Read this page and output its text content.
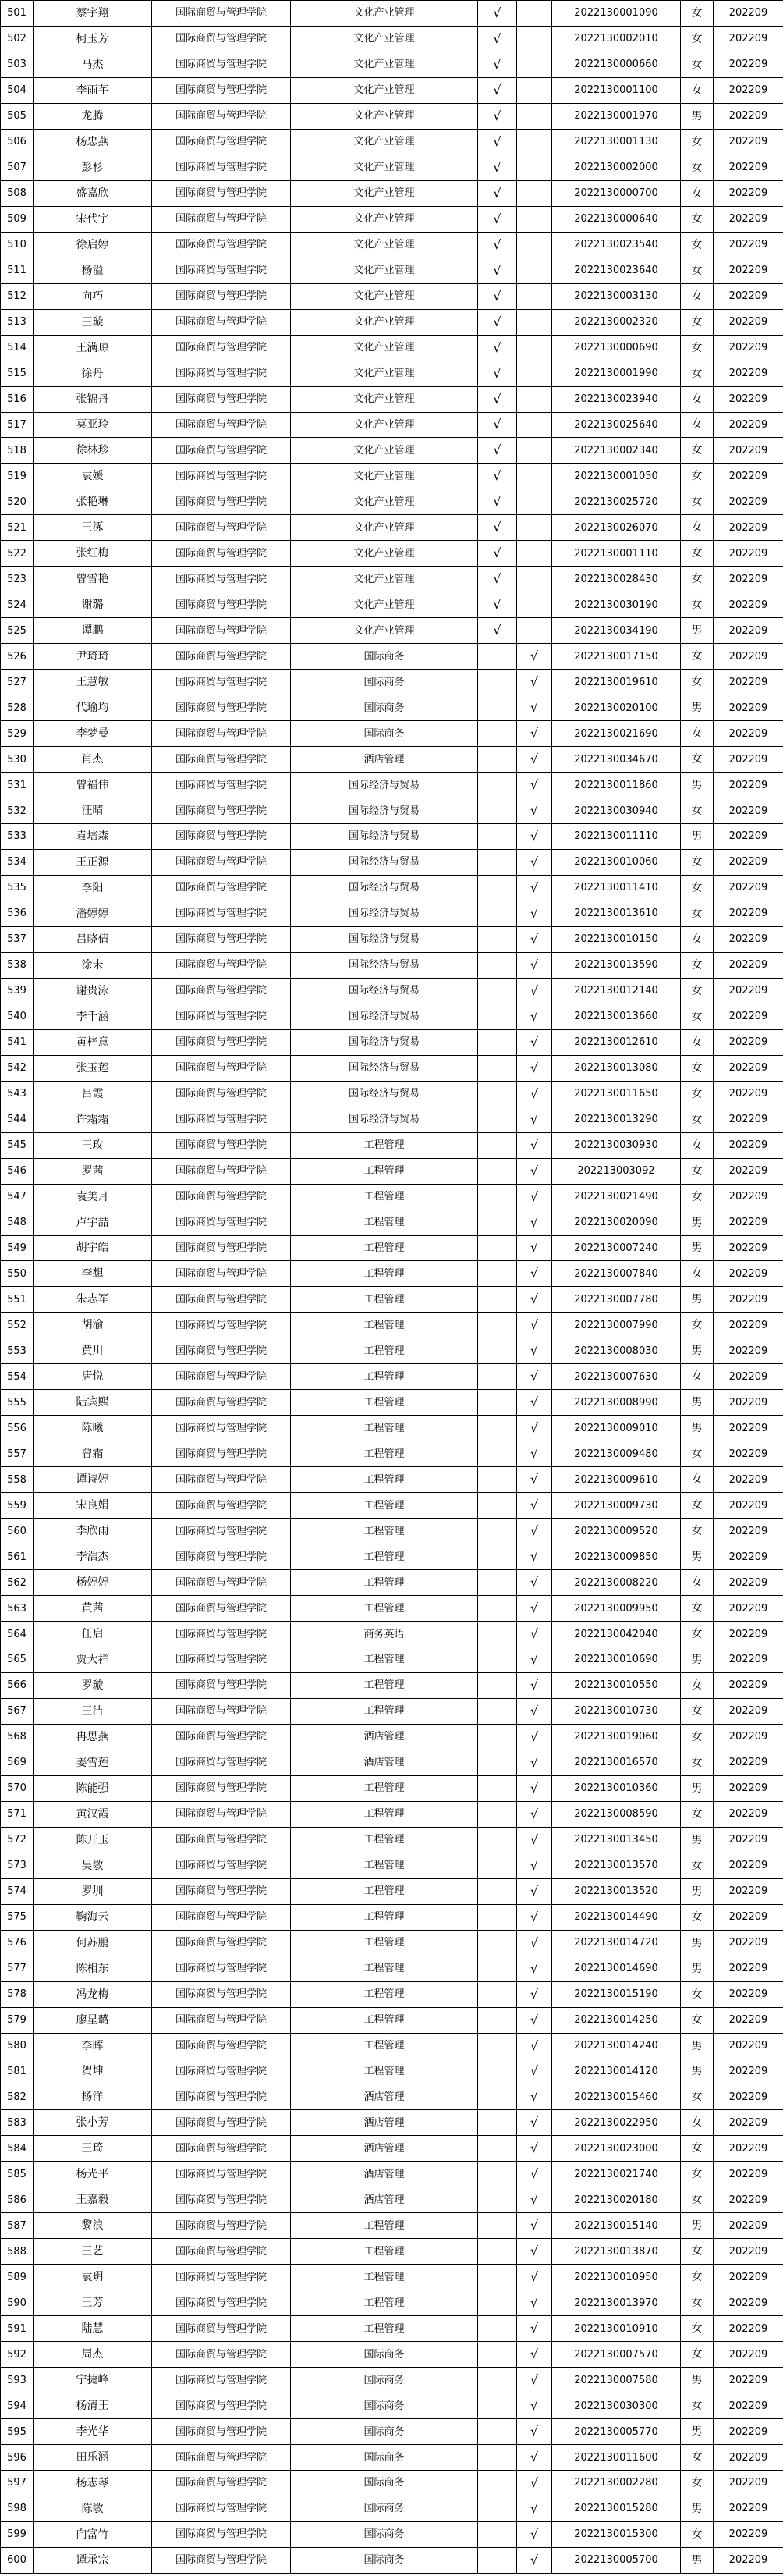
501	蔡宇翔	国际商贸与管理学院	文化产业管理	√		2022130001090	女	202209
502	柯玉芳	国际商贸与管理学院	文化产业管理	√		2022130002010	女	202209
503	马杰	国际商贸与管理学院	文化产业管理	√		2022130000660	女	202209
504	李雨芊	国际商贸与管理学院	文化产业管理	√		2022130001100	女	202209
505	龙腾	国际商贸与管理学院	文化产业管理	√		2022130001970	男	202209
506	杨忠燕	国际商贸与管理学院	文化产业管理	√		2022130001130	女	202209
507	彭杉	国际商贸与管理学院	文化产业管理	√		2022130002000	女	202209
508	盛嘉欣	国际商贸与管理学院	文化产业管理	√		2022130000700	女	202209
509	宋代宇	国际商贸与管理学院	文化产业管理	√		2022130000640	女	202209
510	徐启婷	国际商贸与管理学院	文化产业管理	√		2022130023540	女	202209
511	杨溢	国际商贸与管理学院	文化产业管理	√		2022130023640	女	202209
512	向巧	国际商贸与管理学院	文化产业管理	√		2022130003130	女	202209
513	王璇	国际商贸与管理学院	文化产业管理	√		2022130002320	女	202209
514	王满琼	国际商贸与管理学院	文化产业管理	√		2022130000690	女	202209
515	徐丹	国际商贸与管理学院	文化产业管理	√		2022130001990	女	202209
516	张锦丹	国际商贸与管理学院	文化产业管理	√		2022130023940	女	202209
517	莫亚玲	国际商贸与管理学院	文化产业管理	√		2022130025640	女	202209
518	徐林珍	国际商贸与管理学院	文化产业管理	√		2022130002340	女	202209
519	袁媛	国际商贸与管理学院	文化产业管理	√		2022130001050	女	202209
520	张艳琳	国际商贸与管理学院	文化产业管理	√		2022130025720	女	202209
521	王涿	国际商贸与管理学院	文化产业管理	√		2022130026070	女	202209
522	张红梅	国际商贸与管理学院	文化产业管理	√		2022130001110	女	202209
523	曾雪艳	国际商贸与管理学院	文化产业管理	√		2022130028430	女	202209
524	谢璐	国际商贸与管理学院	文化产业管理	√		2022130030190	女	202209
525	谭鹏	国际商贸与管理学院	文化产业管理	√		2022130034190	男	202209
526	尹琦琦	国际商贸与管理学院	国际商务		√	2022130017150	女	202209
527	王慧敏	国际商贸与管理学院	国际商务		√	2022130019610	女	202209
528	代瑜均	国际商贸与管理学院	国际商务		√	2022130020100	男	202209
529	李梦曼	国际商贸与管理学院	国际商务		√	2022130021690	女	202209
530	肖杰	国际商贸与管理学院	酒店管理		√	2022130034670	女	202209
531	曾福伟	国际商贸与管理学院	国际经济与贸易		√	2022130011860	男	202209
532	汪晴	国际商贸与管理学院	国际经济与贸易		√	2022130030940	女	202209
533	袁培森	国际商贸与管理学院	国际经济与贸易		√	2022130011110	男	202209
534	王正源	国际商贸与管理学院	国际经济与贸易		√	2022130010060	女	202209
535	李阳	国际商贸与管理学院	国际经济与贸易		√	2022130011410	女	202209
536	潘婷婷	国际商贸与管理学院	国际经济与贸易		√	2022130013610	女	202209
537	吕晓倩	国际商贸与管理学院	国际经济与贸易		√	2022130010150	女	202209
538	涂未	国际商贸与管理学院	国际经济与贸易		√	2022130013590	女	202209
539	谢贵泳	国际商贸与管理学院	国际经济与贸易		√	2022130012140	女	202209
540	李千涵	国际商贸与管理学院	国际经济与贸易		√	2022130013660	女	202209
541	黄梓意	国际商贸与管理学院	国际经济与贸易		√	2022130012610	女	202209
542	张玉莲	国际商贸与管理学院	国际经济与贸易		√	2022130013080	女	202209
543	吕霞	国际商贸与管理学院	国际经济与贸易		√	2022130011650	女	202209
544	许霜霜	国际商贸与管理学院	国际经济与贸易		√	2022130013290	女	202209
545	王玫	国际商贸与管理学院	工程管理		√	2022130030930	女	202209
546	罗茜	国际商贸与管理学院	工程管理		√	202213003092	女	202209
547	袁美月	国际商贸与管理学院	工程管理		√	2022130021490	女	202209
548	卢宇喆	国际商贸与管理学院	工程管理		√	2022130020090	男	202209
549	胡宇皓	国际商贸与管理学院	工程管理		√	2022130007240	男	202209
550	李想	国际商贸与管理学院	工程管理		√	2022130007840	女	202209
551	朱志军	国际商贸与管理学院	工程管理		√	2022130007780	男	202209
552	胡渝	国际商贸与管理学院	工程管理		√	2022130007990	女	202209
553	黄川	国际商贸与管理学院	工程管理		√	2022130008030	男	202209
554	唐悦	国际商贸与管理学院	工程管理		√	2022130007630	女	202209
555	陆宾熙	国际商贸与管理学院	工程管理		√	2022130008990	男	202209
556	陈曦	国际商贸与管理学院	工程管理		√	2022130009010	男	202209
557	曾霜	国际商贸与管理学院	工程管理		√	2022130009480	女	202209
558	谭诗婷	国际商贸与管理学院	工程管理		√	2022130009610	女	202209
559	宋良娟	国际商贸与管理学院	工程管理		√	2022130009730	女	202209
560	李欣雨	国际商贸与管理学院	工程管理		√	2022130009520	女	202209
561	李浩杰	国际商贸与管理学院	工程管理		√	2022130009850	男	202209
562	杨婷婷	国际商贸与管理学院	工程管理		√	2022130008220	女	202209
563	黄茜	国际商贸与管理学院	工程管理		√	2022130009950	女	202209
564	任启	国际商贸与管理学院	商务英语		√	2022130042040	女	202209
565	贾大祥	国际商贸与管理学院	工程管理		√	2022130010690	男	202209
566	罗璇	国际商贸与管理学院	工程管理		√	2022130010550	女	202209
567	王洁	国际商贸与管理学院	工程管理		√	2022130010730	女	202209
568	冉思燕	国际商贸与管理学院	酒店管理		√	2022130019060	女	202209
569	姜雪莲	国际商贸与管理学院	酒店管理		√	2022130016570	女	202209
570	陈能强	国际商贸与管理学院	工程管理		√	2022130010360	男	202209
571	黄汉霞	国际商贸与管理学院	工程管理		√	2022130008590	女	202209
572	陈开玉	国际商贸与管理学院	工程管理		√	2022130013450	男	202209
573	吴敏	国际商贸与管理学院	工程管理		√	2022130013570	女	202209
574	罗圳	国际商贸与管理学院	工程管理		√	2022130013520	男	202209
575	鞠海云	国际商贸与管理学院	工程管理		√	2022130014490	女	202209
576	何苏鹏	国际商贸与管理学院	工程管理		√	2022130014720	男	202209
577	陈相东	国际商贸与管理学院	工程管理		√	2022130014690	男	202209
578	冯龙梅	国际商贸与管理学院	工程管理		√	2022130015190	女	202209
579	廖星璐	国际商贸与管理学院	工程管理		√	2022130014250	女	202209
580	李晖	国际商贸与管理学院	工程管理		√	2022130014240	男	202209
581	贺坤	国际商贸与管理学院	工程管理		√	2022130014120	男	202209
582	杨洋	国际商贸与管理学院	酒店管理		√	2022130015460	女	202209
583	张小芳	国际商贸与管理学院	酒店管理		√	2022130022950	女	202209
584	王琦	国际商贸与管理学院	酒店管理		√	2022130023000	女	202209
585	杨光平	国际商贸与管理学院	酒店管理		√	2022130021740	女	202209
586	王嘉毅	国际商贸与管理学院	酒店管理		√	2022130020180	女	202209
587	黎浪	国际商贸与管理学院	工程管理		√	2022130015140	男	202209
588	王艺	国际商贸与管理学院	工程管理		√	2022130013870	女	202209
589	袁玥	国际商贸与管理学院	工程管理		√	2022130010950	女	202209
590	王芳	国际商贸与管理学院	工程管理		√	2022130013970	女	202209
591	陆慧	国际商贸与管理学院	工程管理		√	2022130010910	女	202209
592	周杰	国际商贸与管理学院	国际商务		√	2022130007570	女	202209
593	宁捷峰	国际商贸与管理学院	国际商务		√	2022130007580	男	202209
594	杨清王	国际商贸与管理学院	国际商务		√	2022130030300	女	202209
595	李光华	国际商贸与管理学院	国际商务		√	2022130005770	男	202209
596	田乐涵	国际商贸与管理学院	国际商务		√	2022130011600	女	202209
597	杨志琴	国际商贸与管理学院	国际商务		√	2022130002280	女	202209
598	陈敏	国际商贸与管理学院	国际商务		√	2022130015280	男	202209
599	向富竹	国际商贸与管理学院	国际商务		√	2022130015300	女	202209
600	谭承宗	国际商贸与管理学院	国际商务		√	2022130005700	男	202209
